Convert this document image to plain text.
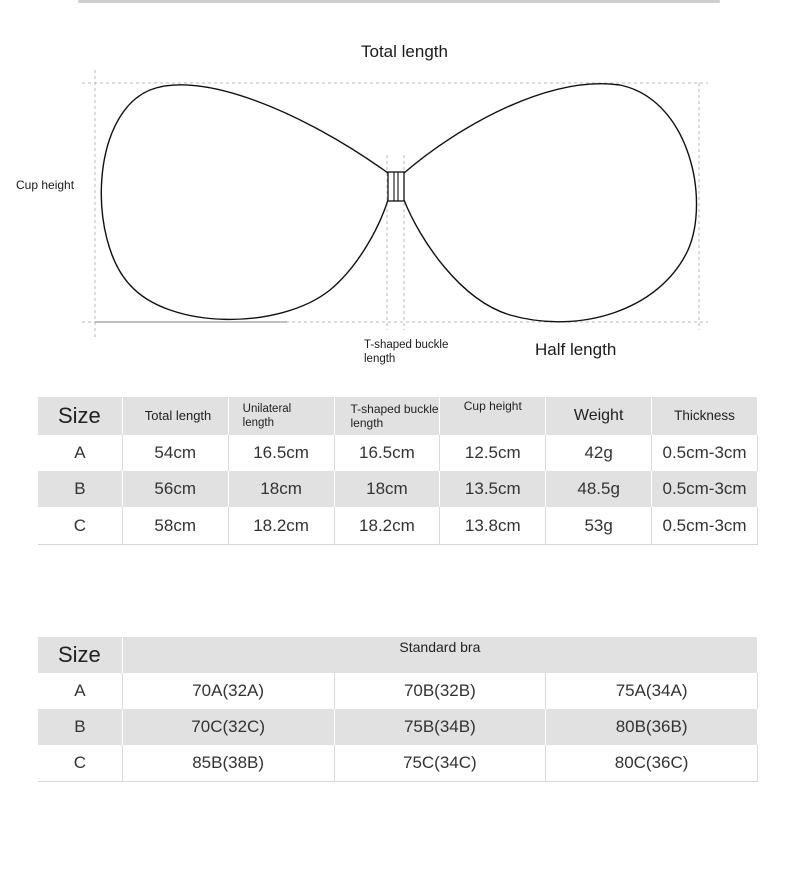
Total length
Cup height
T-shaped buckle length	Half length
Size	Total length	Unilateral length	T-shaped buckle length	Cup height	Weight	Thickness
A	54cm	16.5cm	16.5cm	12.5cm	42g	0.5cm-3cm
B	56cm	18cm	18cm	13.5cm	48.5g	0.5cm-3cm
C	58cm	18.2cm	18.2cm	13.8cm	53g	0.5cm-3cm
Size	Standard bra		
A	70A(32A)	70B(32B)	75A(34A)
B	70C(32C)	75B(34B)	80B(36B)
C	85B(38B)	75C(34C)	80C(36C)
